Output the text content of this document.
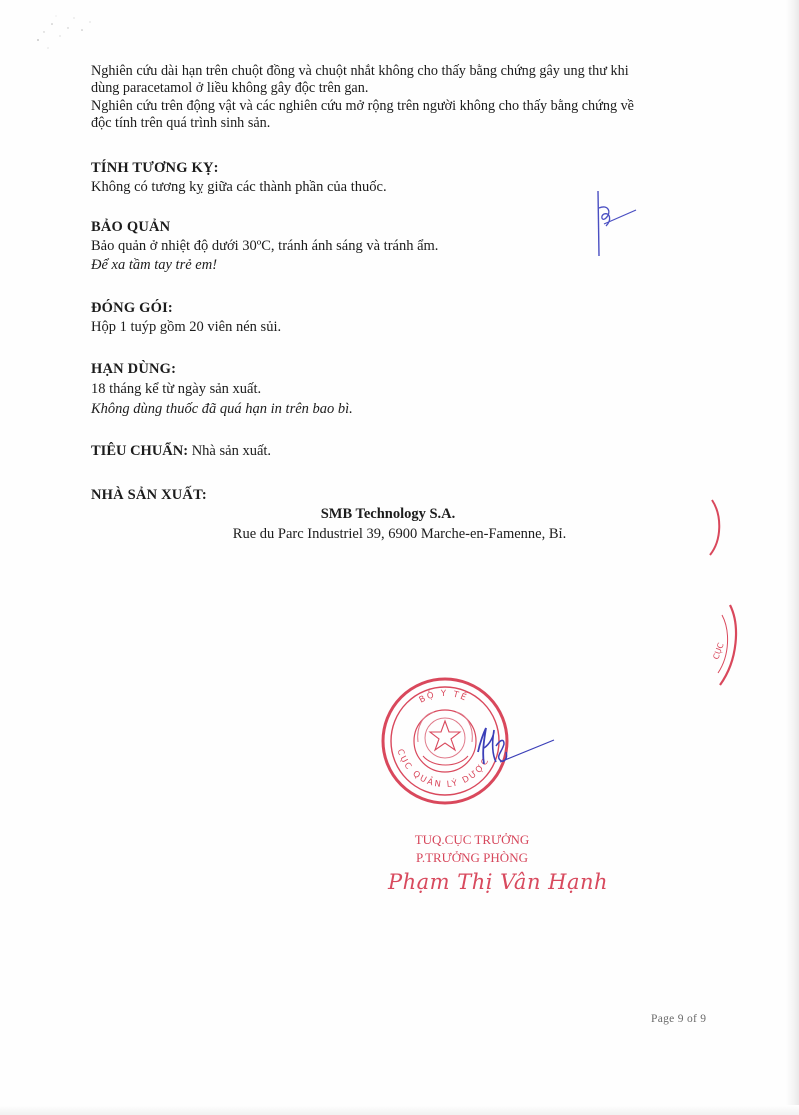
Nghiên cứu dài hạn trên chuột đồng và chuột nhắt không cho thấy bằng chứng gây ung thư khi

dùng paracetamol ở liều không gây độc trên gan.

Nghiên cứu trên động vật và các nghiên cứu mở rộng trên người không cho thấy bằng chứng về

độc tính trên quá trình sinh sản.

TÍNH TƯƠNG KỴ:
Không có tương kỵ giữa các thành phần của thuốc.
BẢO QUẢN
Bảo quản ở nhiệt độ dưới 30ºC, tránh ánh sáng và tránh ẩm.
Để xa tầm tay trẻ em!
ĐÓNG GÓI:
Hộp 1 tuýp gồm 20 viên nén sủi.
HẠN DÙNG:
18 tháng kể từ ngày sản xuất.
Không dùng thuốc đã quá hạn in trên bao bì.
TIÊU CHUẨN: Nhà sản xuất.
NHÀ SẢN XUẤT:
SMB Technology S.A.
Rue du Parc Industriel 39, 6900 Marche-en-Famenne, Bỉ.
CỤC
BỘ Y TẾ
CỤC QUẢN LÝ DƯỢC
TUQ.CỤC TRƯỞNG
P.TRƯỞNG PHÒNG
Phạm Thị Vân Hạnh
Page 9 of 9
